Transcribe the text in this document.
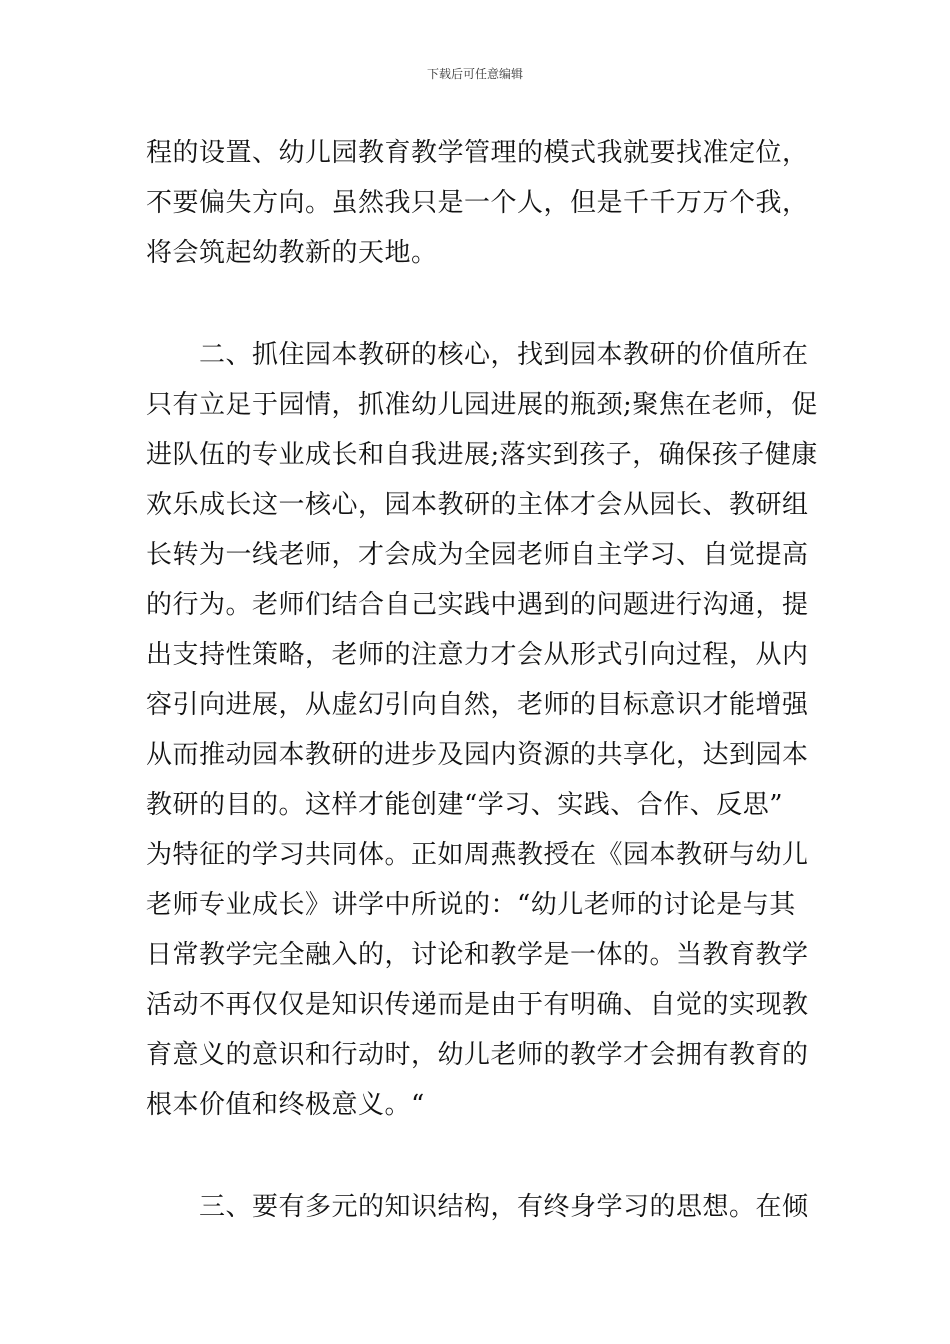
下载后可任意编辑
程的设置、幼儿园教育教学管理的模式我就要找准定位，
不要偏失方向。虽然我只是一个人，但是千千万万个我，
将会筑起幼教新的天地。
　　二、抓住园本教研的核心，找到园本教研的价值所在
只有立足于园情，抓准幼儿园进展的瓶颈;聚焦在老师，促
进队伍的专业成长和自我进展;落实到孩子，确保孩子健康
欢乐成长这一核心，园本教研的主体才会从园长、教研组
长转为一线老师，才会成为全园老师自主学习、自觉提高
的行为。老师们结合自己实践中遇到的问题进行沟通，提
出支持性策略，老师的注意力才会从形式引向过程，从内
容引向进展，从虚幻引向自然，老师的目标意识才能增强
从而推动园本教研的进步及园内资源的共享化，达到园本
教研的目的。这样才能创建“学习、实践、合作、反思”
为特征的学习共同体。正如周燕教授在《园本教研与幼儿
老师专业成长》讲学中所说的：“幼儿老师的讨论是与其
日常教学完全融入的，讨论和教学是一体的。当教育教学
活动不再仅仅是知识传递而是由于有明确、自觉的实现教
育意义的意识和行动时，幼儿老师的教学才会拥有教育的
根本价值和终极意义。“
　　三、要有多元的知识结构，有终身学习的思想。在倾
